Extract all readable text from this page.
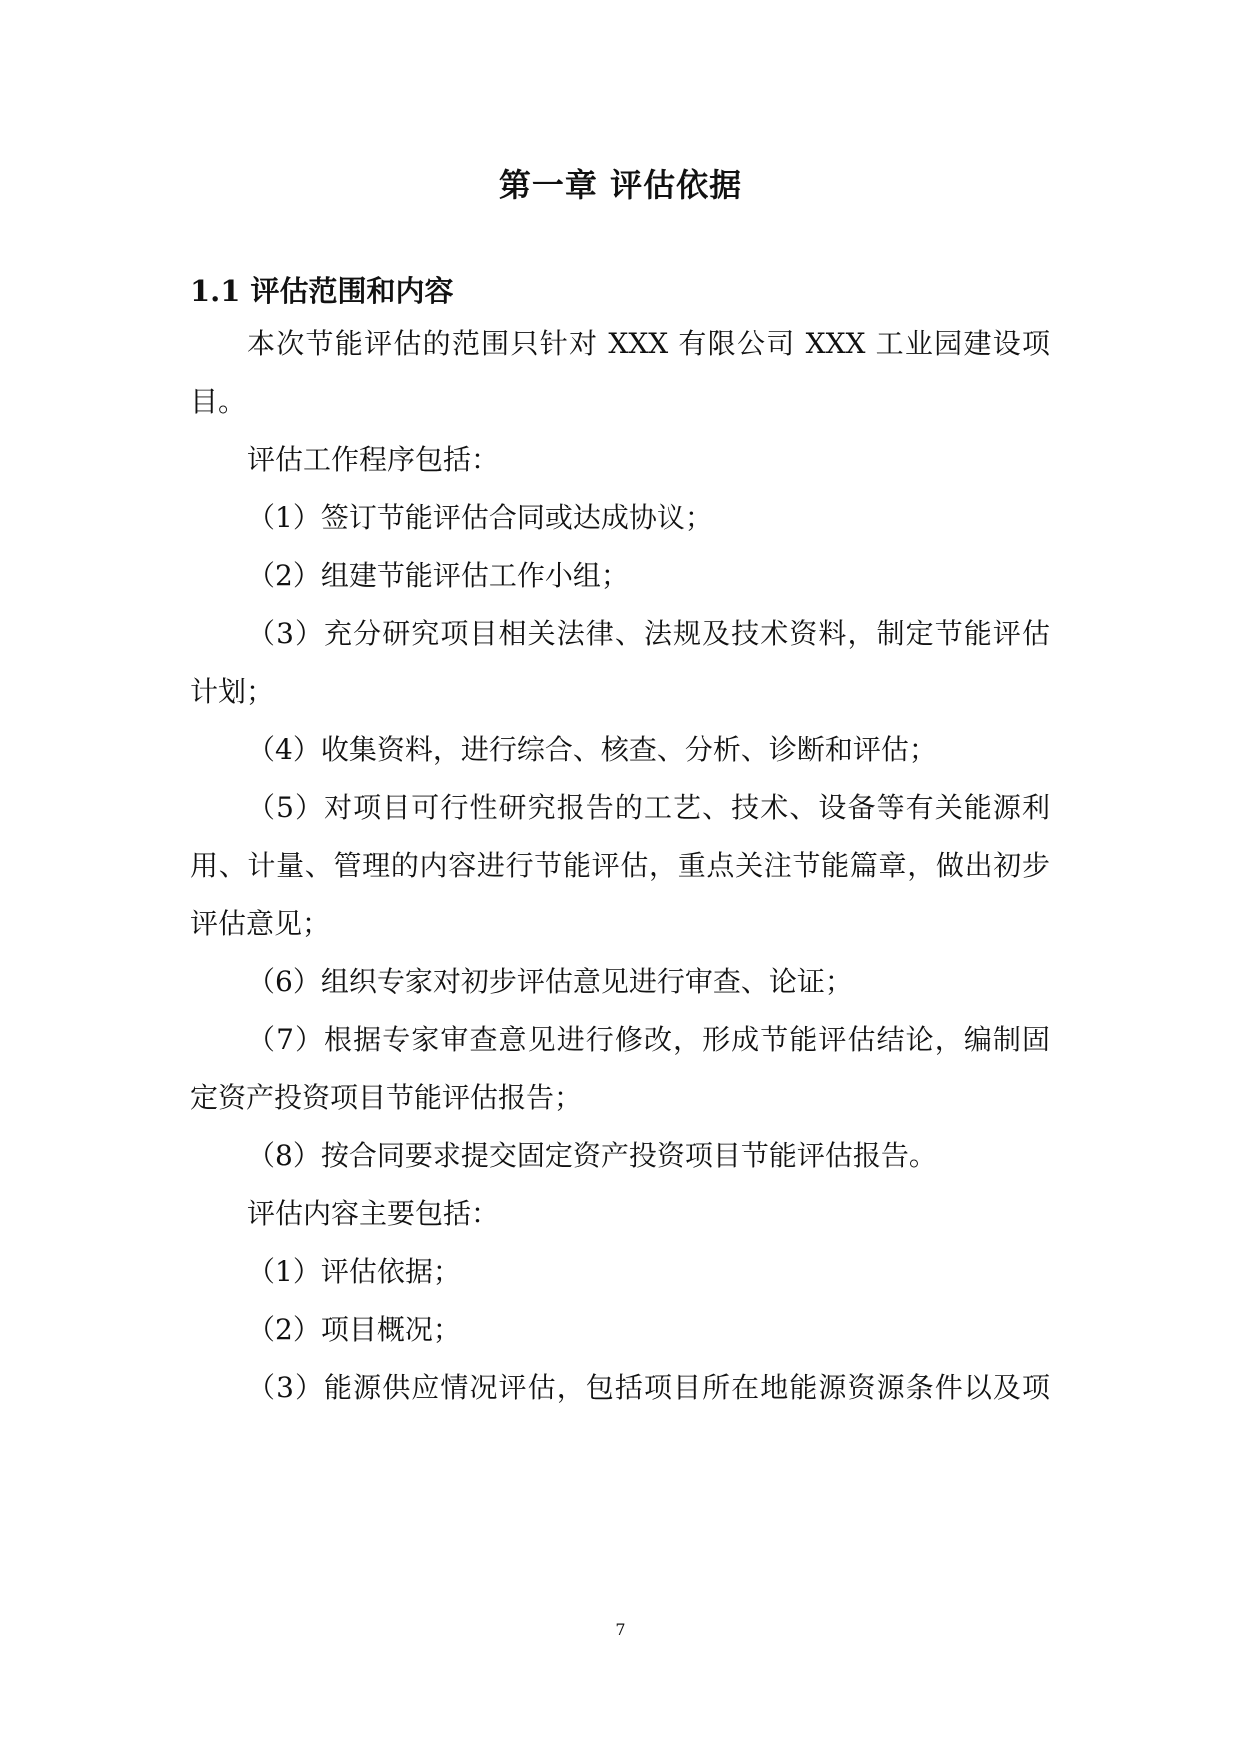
第一章 评估依据
1.1 评估范围和内容
本次节能评估的范围只针对 XXX 有限公司 XXX 工业园建设项
目。
评估工作程序包括：
（1）签订节能评估合同或达成协议；
（2）组建节能评估工作小组；
（3）充分研究项目相关法律、法规及技术资料，制定节能评估
计划；
（4）收集资料，进行综合、核查、分析、诊断和评估；
（5）对项目可行性研究报告的工艺、技术、设备等有关能源利
用、计量、管理的内容进行节能评估，重点关注节能篇章，做出初步
评估意见；
（6）组织专家对初步评估意见进行审查、论证；
（7）根据专家审查意见进行修改，形成节能评估结论，编制固
定资产投资项目节能评估报告；
（8）按合同要求提交固定资产投资项目节能评估报告。
评估内容主要包括：
（1）评估依据；
（2）项目概况；
（3）能源供应情况评估，包括项目所在地能源资源条件以及项
7
